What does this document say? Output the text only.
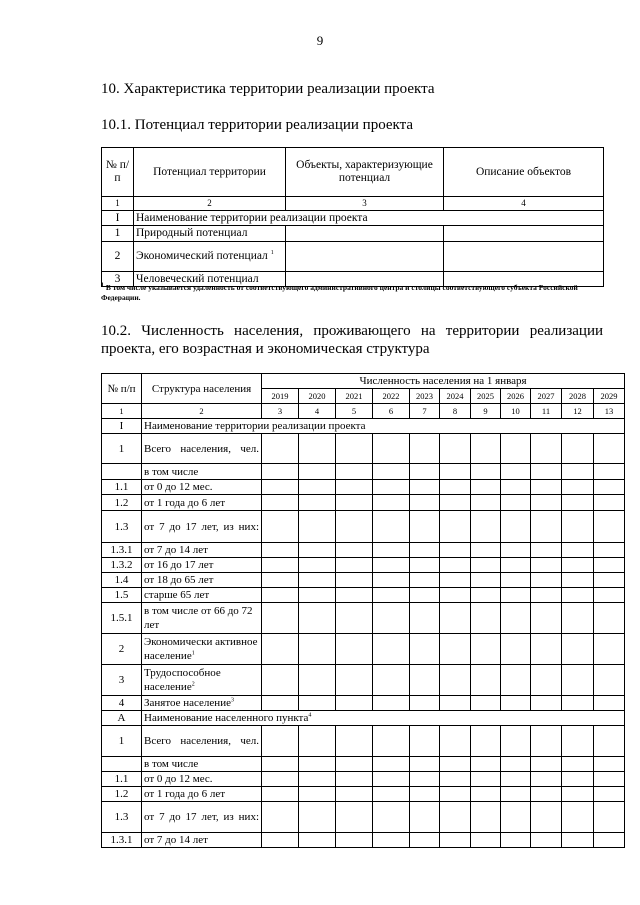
9
10. Характеристика территории реализации проекта
10.1. Потенциал территории реализации проекта
№ п/п	Потенциал территории	Объекты, характеризующие потенциал	Описание объектов
1	2	3	4
I	Наименование территории реализации проекта		
1	Природный потенциал		
2	Экономический потенциал $^1$		
3	Человеческий потенциал		
$^1$ В том числе указывается удаленность от соответствующего административного центра и столицы соответствующего субъекта Российской Федерации.
10.2. Численность населения, проживающего на территории реализации проекта, его возрастная и экономическая структура
№ п/п	Структура населения	Численность населения на 1 января										
		2019	2020	2021	2022	2023	2024	2025	2026	2027	2028	2029
1	2	3	4	5	6	7	8	9	10	11	12	13
I	Наименование территории реализации проекта											
1	Всего населения, чел.											
	в том числе											
1.1	от 0 до 12 мес.											
1.2	от 1 года до 6 лет											
1.3	от 7 до 17 лет, из них:											
1.3.1	от 7 до 14 лет											
1.3.2	от 16 до 17 лет											
1.4	от 18 до 65 лет											
1.5	старше 65 лет											
1.5.1	в том числе от 66 до 72 лет											
2	Экономически активное население$^1$											
3	Трудоспособное население$^2$											
4	Занятое население$^3$											
А	Наименование населенного пункта$^4$
1	Всего населения, чел.											
	в том числе											
1.1	от 0 до 12 мес.											
1.2	от 1 года до 6 лет											
1.3	от 7 до 17 лет, из них:											
1.3.1	от 7 до 14 лет											
